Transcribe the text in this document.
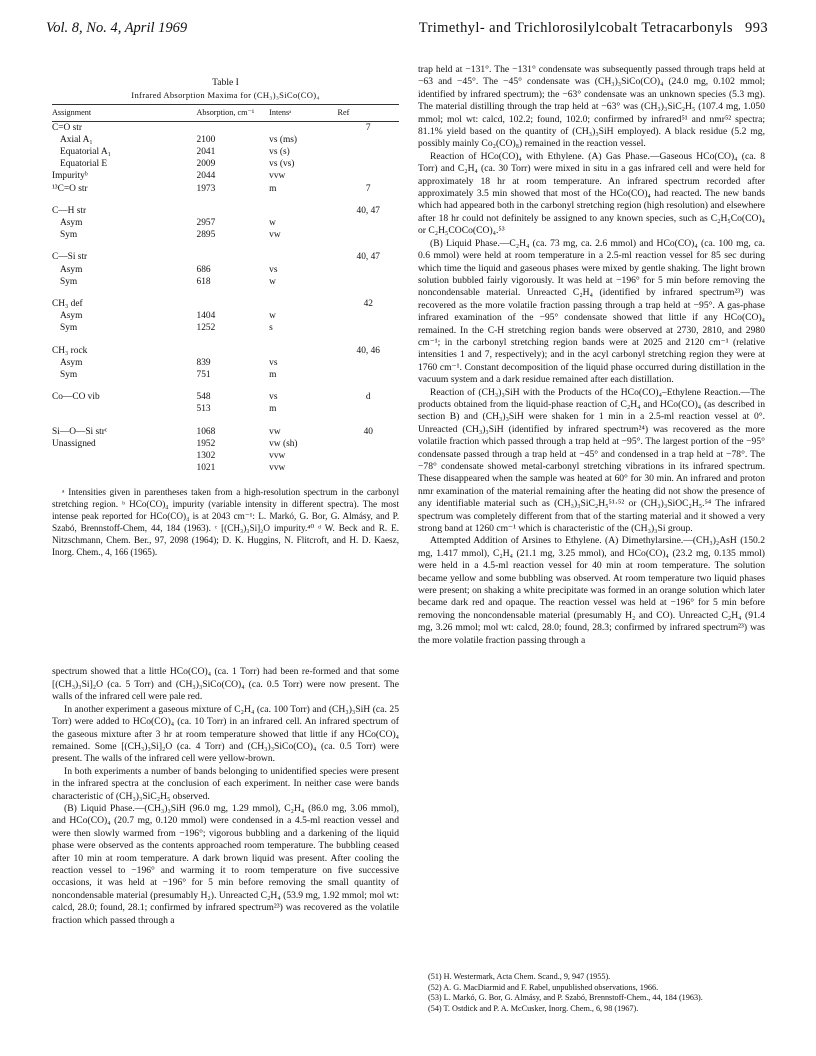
Vol. 8, No. 4, April 1969	Trimethyl- and Trichlorosilylcobalt Tetracarbonyls 993
Table I
Infrared Absorption Maxima for (CH₃)₃SiCo(CO)₄
Assignment	Absorption, cm⁻¹	Intensᵃ	Ref
C=O str			7
Axial A₁	2100	vs (ms)	
Equatorial A₁	2041	vs (s)	
Equatorial E	2009	vs (vs)	
Impurityᵇ	2044	vvw	
¹³C=O str	1973	m	7

C—H str			40, 47
Asym	2957	w	
Sym	2895	vw	

C—Si str			40, 47
Asym	686	vs	
Sym	618	w	

CH₃ def			42
Asym	1404	w	
Sym	1252	s	

CH₃ rock			40, 46
Asym	839	vs	
Sym	751	m	

Co—CO vib	548	vs	d
	513	m	

Si—O—Si strᶜ	1068	vw	40
Unassigned	1952	vw (sh)	
	1302	vvw	
	1021	vvw	

ᵃ Intensities given in parentheses taken from a high-resolution spectrum in the carbonyl stretching region. ᵇ HCo(CO)₄ impurity (variable intensity in different spectra). The most intense peak reported for HCo(CO)₄ is at 2043 cm⁻¹: L. Markó, G. Bor, G. Almásy, and P. Szabó, Brennstoff-Chem, 44, 184 (1963). ᶜ [(CH₃)₃Si]₂O impurity.⁴⁰ ᵈ W. Beck and R. E. Nitzschmann, Chem. Ber., 97, 2098 (1964); D. K. Huggins, N. Flitcroft, and H. D. Kaesz, Inorg. Chem., 4, 166 (1965).

spectrum showed that a little HCo(CO)₄ (ca. 1 Torr) had been re-formed and that some [(CH₃)₃Si]₂O (ca. 5 Torr) and (CH₃)₃SiCo(CO)₄ (ca. 0.5 Torr) were now present. The walls of the infrared cell were pale red.

In another experiment a gaseous mixture of C₂H₄ (ca. 100 Torr) and (CH₃)₃SiH (ca. 25 Torr) were added to HCo(CO)₄ (ca. 10 Torr) in an infrared cell. An infrared spectrum of the gaseous mixture after 3 hr at room temperature showed that little if any HCo(CO)₄ remained. Some [(CH₃)₃Si]₂O (ca. 4 Torr) and (CH₃)₃SiCo(CO)₄ (ca. 0.5 Torr) were present. The walls of the infrared cell were yellow-brown.

In both experiments a number of bands belonging to unidentified species were present in the infrared spectra at the conclusion of each experiment. In neither case were bands characteristic of (CH₃)₃SiC₂H₅ observed.

(B) Liquid Phase.—(CH₃)₃SiH (96.0 mg, 1.29 mmol), C₂H₄ (86.0 mg, 3.06 mmol), and HCo(CO)₄ (20.7 mg, 0.120 mmol) were condensed in a 4.5-ml reaction vessel and were then slowly warmed from −196°; vigorous bubbling and a darkening of the liquid phase were observed as the contents approached room temperature. The bubbling ceased after 10 min at room temperature. A dark brown liquid was present. After cooling the reaction vessel to −196° and warming it to room temperature on five successive occasions, it was held at −196° for 5 min before removing the small quantity of noncondensable material (presumably H₂). Unreacted C₂H₄ (53.9 mg, 1.92 mmol; mol wt: calcd, 28.0; found, 28.1; confirmed by infrared spectrum²³) was recovered as the volatile fraction which passed through a

trap held at −131°. The −131° condensate was subsequently passed through traps held at −63 and −45°. The −45° condensate was (CH₃)₃SiCo(CO)₄ (24.0 mg, 0.102 mmol; identified by infrared spectrum); the −63° condensate was an unknown species (5.3 mg). The material distilling through the trap held at −63° was (CH₃)₃SiC₂H₅ (107.4 mg, 1.050 mmol; mol wt: calcd, 102.2; found, 102.0; confirmed by infrared⁵¹ and nmr⁵² spectra; 81.1% yield based on the quantity of (CH₃)₃SiH employed). A black residue (5.2 mg, possibly mainly Co₂(CO)₈) remained in the reaction vessel.

Reaction of HCo(CO)₄ with Ethylene. (A) Gas Phase.—Gaseous HCo(CO)₄ (ca. 8 Torr) and C₂H₄ (ca. 30 Torr) were mixed in situ in a gas infrared cell and were held for approximately 18 hr at room temperature. An infrared spectrum recorded after approximately 3.5 min showed that most of the HCo(CO)₄ had reacted. The new bands which had appeared both in the carbonyl stretching region (high resolution) and elsewhere after 18 hr could not definitely be assigned to any known species, such as C₂H₅Co(CO)₄ or C₂H₅COCo(CO)₄.⁵³

(B) Liquid Phase.—C₂H₄ (ca. 73 mg, ca. 2.6 mmol) and HCo(CO)₄ (ca. 100 mg, ca. 0.6 mmol) were held at room temperature in a 2.5-ml reaction vessel for 85 sec during which time the liquid and gaseous phases were mixed by gentle shaking. The light brown solution bubbled fairly vigorously. It was held at −196° for 5 min before removing the noncondensable material. Unreacted C₂H₄ (identified by infrared spectrum²³) was recovered as the more volatile fraction passing through a trap held at −95°. A gas-phase infrared examination of the −95° condensate showed that little if any HCo(CO)₄ remained. In the C-H stretching region bands were observed at 2730, 2810, and 2980 cm⁻¹; in the carbonyl stretching region bands were at 2025 and 2120 cm⁻¹ (relative intensities 1 and 7, respectively); and in the acyl carbonyl stretching region they were at 1760 cm⁻¹. Constant decomposition of the liquid phase occurred during distillation in the vacuum system and a dark residue remained after each distillation.

Reaction of (CH₃)₃SiH with the Products of the HCo(CO)₄–Ethylene Reaction.—The products obtained from the liquid-phase reaction of C₂H₄ and HCo(CO)₄ (as described in section B) and (CH₃)₃SiH were shaken for 1 min in a 2.5-ml reaction vessel at 0°. Unreacted (CH₃)₃SiH (identified by infrared spectrum²⁴) was recovered as the more volatile fraction which passed through a trap held at −95°. The largest portion of the −95° condensate passed through a trap held at −45° and condensed in a trap held at −78°. The −78° condensate showed metal-carbonyl stretching vibrations in its infrared spectrum. These disappeared when the sample was heated at 60° for 30 min. An infrared and proton nmr examination of the material remaining after the heating did not show the presence of any identifiable material such as (CH₃)₃SiC₂H₅⁵¹·⁵² or (CH₃)₃SiOC₂H₅.⁵⁴ The infrared spectrum was completely different from that of the starting material and it showed a very strong band at 1260 cm⁻¹ which is characteristic of the (CH₃)₃Si group.

Attempted Addition of Arsines to Ethylene. (A) Dimethylarsine.—(CH₃)₂AsH (150.2 mg, 1.417 mmol), C₂H₄ (21.1 mg, 3.25 mmol), and HCo(CO)₄ (23.2 mg, 0.135 mmol) were held in a 4.5-ml reaction vessel for 40 min at room temperature. The solution became yellow and some bubbling was observed. At room temperature two liquid phases were present; on shaking a white precipitate was formed in an orange solution which later became dark red and opaque. The reaction vessel was held at −196° for 5 min before removing the noncondensable material (presumably H₂ and CO). Unreacted C₂H₄ (91.4 mg, 3.26 mmol; mol wt: calcd, 28.0; found, 28.3; confirmed by infrared spectrum²³) was the more volatile fraction passing through a

(51) H. Westermark, Acta Chem. Scand., 9, 947 (1955).
(52) A. G. MacDiarmid and F. Rabel, unpublished observations, 1966.
(53) L. Markó, G. Bor, G. Almásy, and P. Szabó, Brennstoff-Chem., 44, 184 (1963).
(54) T. Ostdick and P. A. McCusker, Inorg. Chem., 6, 98 (1967).
